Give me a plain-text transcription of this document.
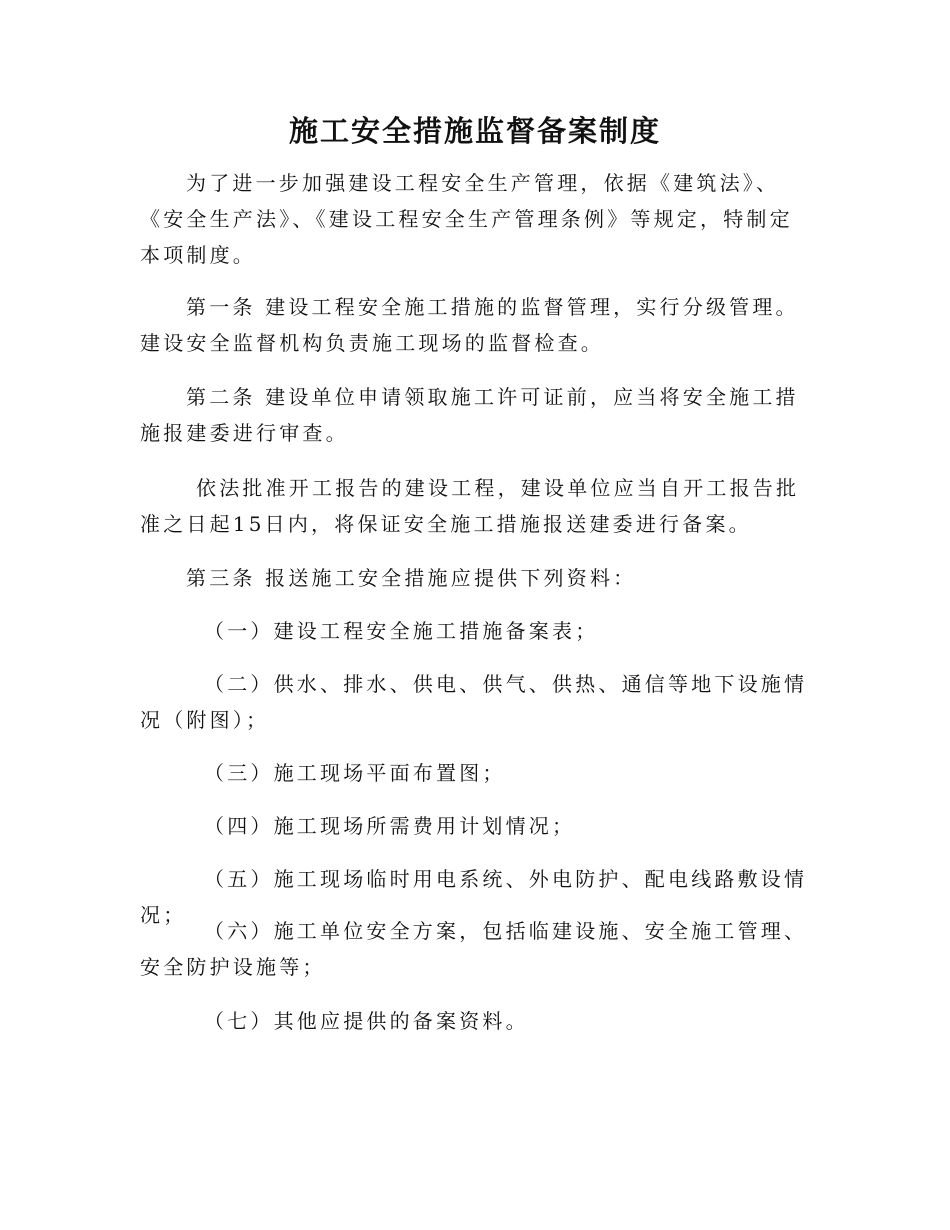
施工安全措施监督备案制度

为了进一步加强建设工程安全生产管理，依据《建筑法》、《安全生产法》、《建设工程安全生产管理条例》等规定，特制定本项制度。

第一条 建设工程安全施工措施的监督管理，实行分级管理。建设安全监督机构负责施工现场的监督检查。

第二条 建设单位申请领取施工许可证前，应当将安全施工措施报建委进行审查。

依法批准开工报告的建设工程，建设单位应当自开工报告批准之日起15日内，将保证安全施工措施报送建委进行备案。

第三条 报送施工安全措施应提供下列资料：

（一）建设工程安全施工措施备案表；

（二）供水、排水、供电、供气、供热、通信等地下设施情况（附图）；

（三）施工现场平面布置图；

（四）施工现场所需费用计划情况；

（五）施工现场临时用电系统、外电防护、配电线路敷设情况；

（六）施工单位安全方案，包括临建设施、安全施工管理、安全防护设施等；

（七）其他应提供的备案资料。
